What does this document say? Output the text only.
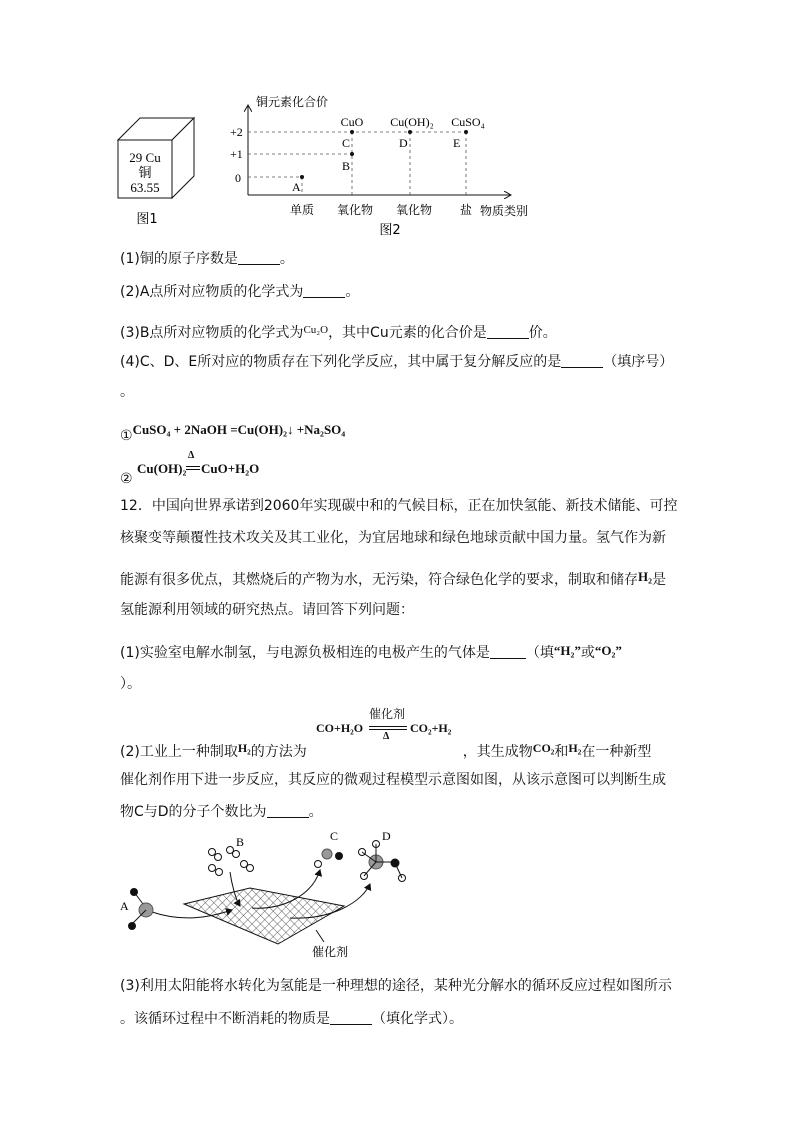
29 Cu
铜
63.55
图1
铜元素化合价
+2
+1
0
CuO Cu(OH)₂ CuSO₄
A
B
C	D	E
单质 氧化物 氧化物 盐 物质类别
图2
(1)铜的原子序数是	。
(2)A点所对应物质的化学式为	。
(3)B点所对应物质的化学式为$^{Cu_2O}$，其中Cu元素的化合价是	价。
(4)C、D、E所对应的物质存在下列化学反应，其中属于复分解反应的是	（填序号）
。
①CuSO₄ + 2NaOH =Cu(OH)₂↓ +Na₂SO₄
Cu(OH)₂
Δ
CuO+H₂O
②
12．中国向世界承诺到2060年实现碳中和的气候目标，正在加快氢能、新技术储能、可控
核聚变等颠覆性技术攻关及其工业化，为宜居地球和绿色地球贡献中国力量。氢气作为新
能源有很多优点，其燃烧后的产物为水，无污染，符合绿色化学的要求，制取和储存H₂是
氢能源利用领域的研究热点。请回答下列问题：
(1)实验室电解水制氢，与电源负极相连的电极产生的气体是	（填“H₂”或“O₂”
）。
CO+H₂O
催化剂
Δ
CO₂+H₂
(2)工业上一种制取H₂的方法为	，其生成物CO₂和H₂在一种新型
催化剂作用下进一步反应，其反应的微观过程模型示意图如图，从该示意图可以判断生成
物C与D的分子个数比为	。
A
B	C	D
催化剂
(3)利用太阳能将水转化为氢能是一种理想的途径，某种光分解水的循环反应过程如图所示
。该循环过程中不断消耗的物质是	（填化学式）。
